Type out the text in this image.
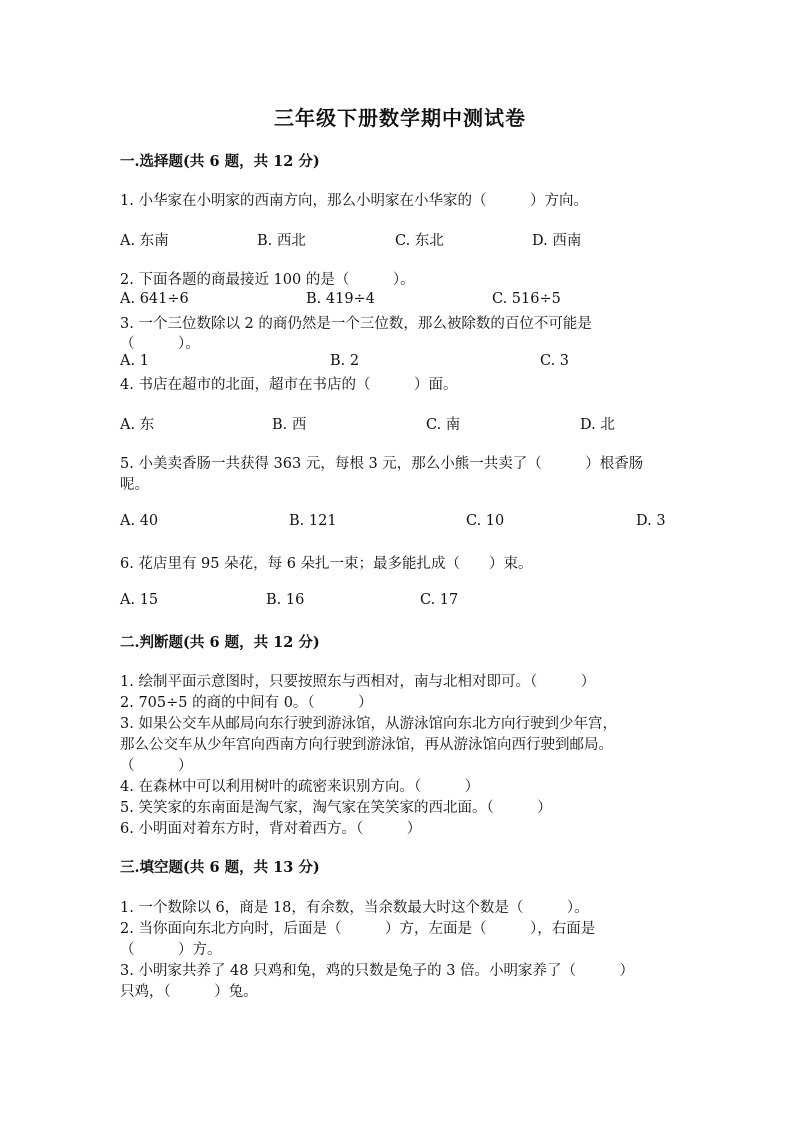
三年级下册数学期中测试卷
一.选择题(共 6 题，共 12 分)
1. 小华家在小明家的西南方向，那么小明家在小华家的（　　　）方向。
A. 东南	B. 西北	C. 东北	D. 西南
2. 下面各题的商最接近 100 的是（　　　）。
A. 641÷6	B. 419÷4	C. 516÷5
3. 一个三位数除以 2 的商仍然是一个三位数，那么被除数的百位不可能是
（　　　）。
A. 1	B. 2	C. 3
4. 书店在超市的北面，超市在书店的（　　　）面。
A. 东	B. 西	C. 南	D. 北
5. 小美卖香肠一共获得 363 元，每根 3 元，那么小熊一共卖了（　　　）根香肠
呢。
A. 40	B. 121	C. 10	D. 3
6. 花店里有 95 朵花，每 6 朵扎一束；最多能扎成（　　）束。
A. 15	B. 16	C. 17
二.判断题(共 6 题，共 12 分)
1. 绘制平面示意图时，只要按照东与西相对，南与北相对即可。（　　　）
2. 705÷5 的商的中间有 0。（　　　）
3. 如果公交车从邮局向东行驶到游泳馆，从游泳馆向东北方向行驶到少年宫，
那么公交车从少年宫向西南方向行驶到游泳馆，再从游泳馆向西行驶到邮局。
（　　　）
4. 在森林中可以利用树叶的疏密来识别方向。（　　　）
5. 笑笑家的东南面是淘气家，淘气家在笑笑家的西北面。（　　　）
6. 小明面对着东方时，背对着西方。（　　　）
三.填空题(共 6 题，共 13 分)
1. 一个数除以 6，商是 18，有余数，当余数最大时这个数是（　　　）。
2. 当你面向东北方向时，后面是（　　　）方，左面是（　　　），右面是
（　　　）方。
3. 小明家共养了 48 只鸡和兔，鸡的只数是兔子的 3 倍。小明家养了（　　　）
只鸡，（　　　）兔。
